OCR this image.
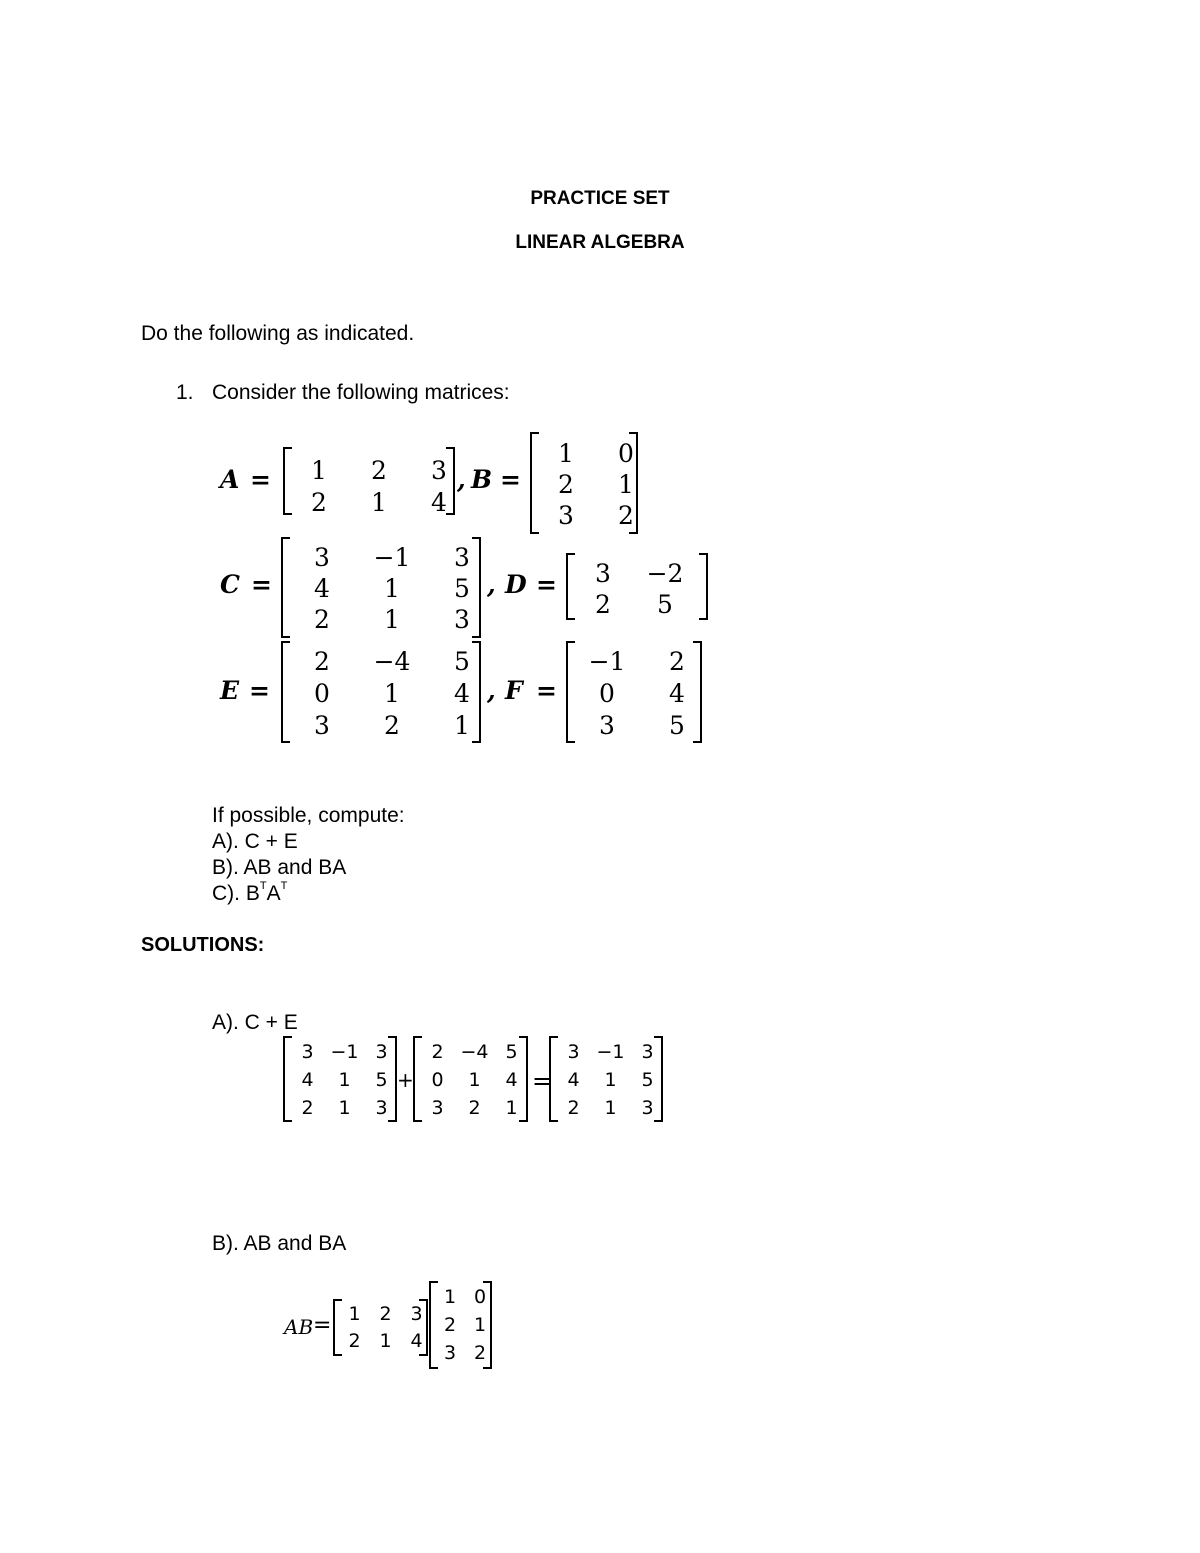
PRACTICE SET
LINEAR ALGEBRA
Do the following as indicated.
1. Consider the following matrices:
A =	1	2	3
2	1	4
, B =
1	0
2	1
3	2
C =
3	−1	3
4	1	5
2	1	3
, D =	3	−2
2	5
E =
2	−4	5
0	1	4
3	2	1
, F =
−1	2
0	4
3	5
If possible, compute:
A). C + E
B). AB and BA
C). $B^TA^T$
SOLUTIONS:
A). C + E
3 −1 3
4	1	5
2	1	3
+
2 −4 5
0	1	4
3	2	1
=
3 −1 3
4	1	5
2	1	3
B). AB and BA
AB = 1 2 3
2 1 4
1 0
2 1
3 2
